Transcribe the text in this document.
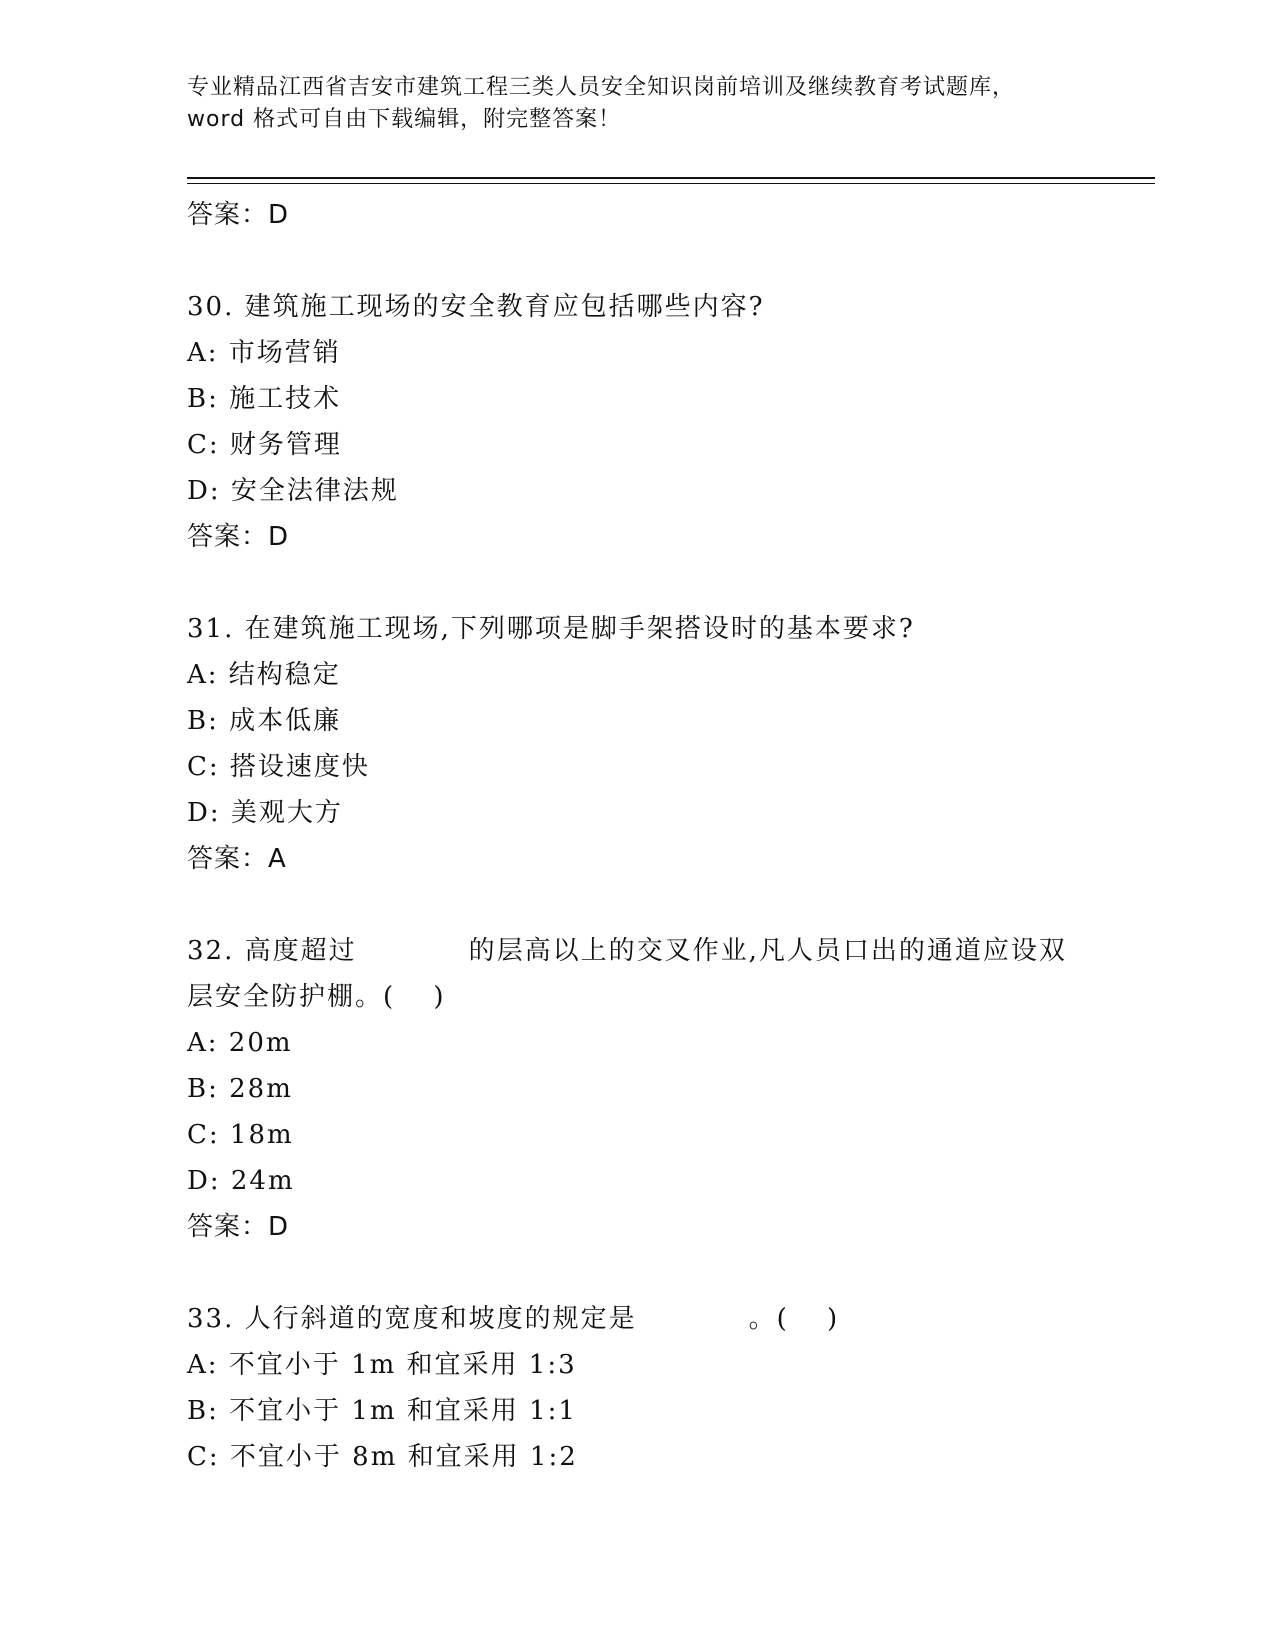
专业精品江西省吉安市建筑工程三类人员安全知识岗前培训及继续教育考试题库，
word 格式可自由下载编辑，附完整答案！
答案：D
30. 建筑施工现场的安全教育应包括哪些内容?
A: 市场营销
B: 施工技术
C: 财务管理
D: 安全法律法规
答案：D
31. 在建筑施工现场,下列哪项是脚手架搭设时的基本要求?
A: 结构稳定
B: 成本低廉
C: 搭设速度快
D: 美观大方
答案：A
32. 高度超过　　　　的层高以上的交叉作业,凡人员口出的通道应设双
层安全防护棚。(　 )
A: 20m
B: 28m
C: 18m
D: 24m
答案：D
33. 人行斜道的宽度和坡度的规定是　　　　。(　 )
A: 不宜小于 1m 和宜采用 1:3
B: 不宜小于 1m 和宜采用 1:1
C: 不宜小于 8m 和宜采用 1:2
